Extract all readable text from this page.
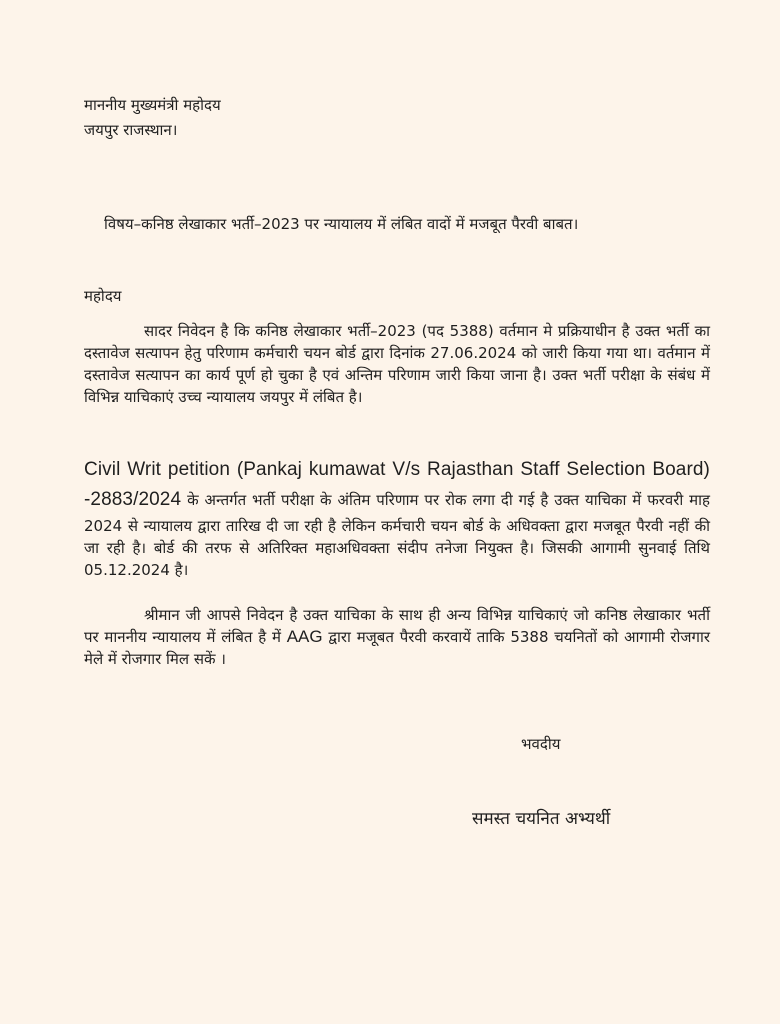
माननीय मुख्यमंत्री महोदय
जयपुर राजस्थान।
विषय–कनिष्ठ लेखाकार भर्ती–2023 पर न्यायालय में लंबित वादों में मजबूत पैरवी बाबत।
महोदय
सादर निवेदन है कि कनिष्ठ लेखाकार भर्ती–2023 (पद 5388) वर्तमान मे प्रक्रियाधीन है उक्त भर्ती का दस्तावेज सत्यापन हेतु परिणाम कर्मचारी चयन बोर्ड द्वारा दिनांक 27.06.2024 को जारी किया गया था। वर्तमान में दस्तावेज सत्यापन का कार्य पूर्ण हो चुका है एवं अन्तिम परिणाम जारी किया जाना है। उक्त भर्ती परीक्षा के संबंध में विभिन्न याचिकाएं उच्च न्यायालय जयपुर में लंबित है।
Civil Writ petition (Pankaj kumawat V/s Rajasthan Staff Selection Board) -2883/2024 के अन्तर्गत भर्ती परीक्षा के अंतिम परिणाम पर रोक लगा दी गई है उक्त याचिका में फरवरी माह 2024 से न्यायालय द्वारा तारिख दी जा रही है लेकिन कर्मचारी चयन बोर्ड के अधिवक्ता द्वारा मजबूत पैरवी नहीं की जा रही है। बोर्ड की तरफ से अतिरिक्त महाअधिवक्ता संदीप तनेजा नियुक्त है। जिसकी आगामी सुनवाई तिथि 05.12.2024 है।
श्रीमान जी आपसे निवेदन है उक्त याचिका के साथ ही अन्य विभिन्न याचिकाएं जो कनिष्ठ लेखाकार भर्ती पर माननीय न्यायालय में लंबित है में AAG द्वारा मजूबत पैरवी करवायें ताकि 5388 चयनितों को आगामी रोजगार मेले में रोजगार मिल सकें ।
भवदीय
समस्त चयनित अभ्यर्थी
